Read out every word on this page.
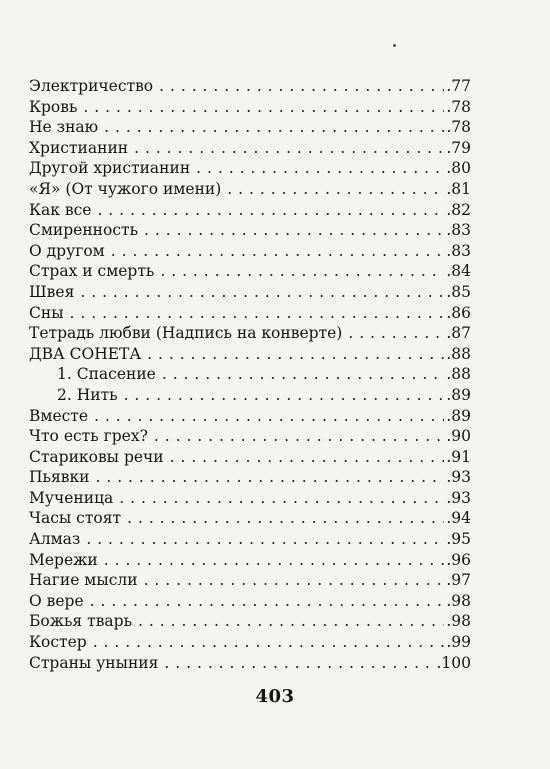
Электричество . . .	.77
Кровь . . .	.78
Не знаю . . .	.78
Христианин . . .	.79
Другой христианин . . .	.80
«Я» (От чужого имени) . . .	.81
Как все . . .	.82
Смиренность . . .	.83
О другом . . .	.83
Страх и смерть . . .	.84
Швея . . .	.85
Сны . . .	.86
Тетрадь любви (Надпись на конверте) . . .	.87
ДВА СОНЕТА . . .	.88
1. Спасение . . .	.88
2. Нить . . .	.89
Вместе . . .	.89
Что есть грех? . . .	.90
Стариковы речи . . .	.91
Пьявки . . .	.93
Мученица . . .	.93
Часы стоят . . .	.94
Алмаз . . .	.95
Мережи . . .	.96
Нагие мысли . . .	.97
О вере . . .	.98
Божья тварь . . .	.98
Костер . . .	.99
Страны уныния . . .	.100
403
